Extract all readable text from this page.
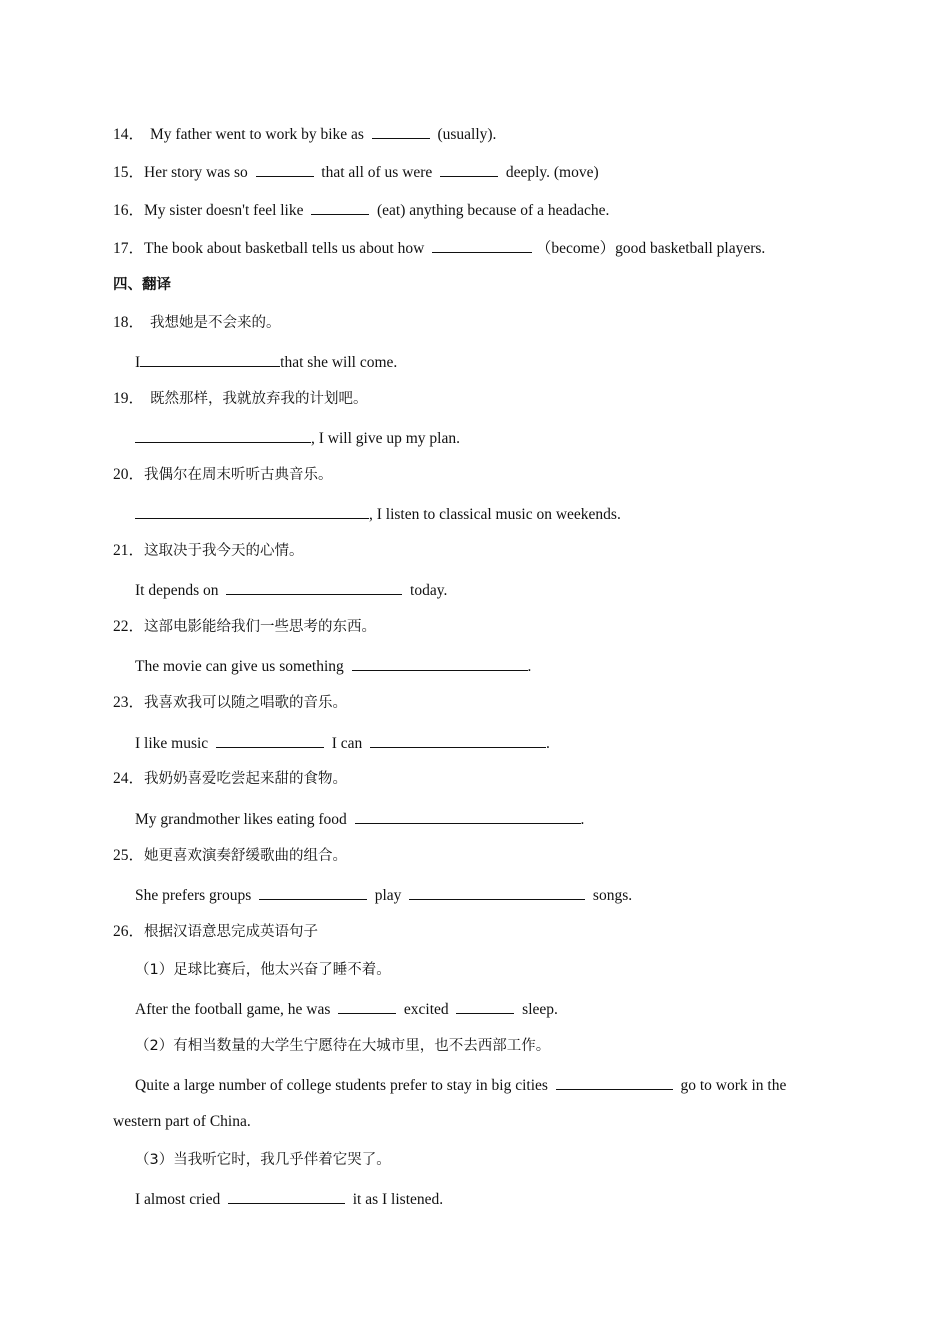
14． My father went to work by bike as	(usually).
15．Her story was so	that all of us were	deeply. (move)
16．My sister doesn't feel like	(eat) anything because of a headache.
17．The book about basketball tells us about how	（become）good basketball players.
四、翻译
18． 我想她是不会来的。
I	that she will come.
19． 既然那样，我就放弃我的计划吧。
, I will give up my plan.
20．我偶尔在周末听听古典音乐。
, I listen to classical music on weekends.
21．这取决于我今天的心情。
It depends on	today.
22．这部电影能给我们一些思考的东西。
The movie can give us something	.
23．我喜欢我可以随之唱歌的音乐。
I like music	I can	.
24．我奶奶喜爱吃尝起来甜的食物。
My grandmother likes eating food	.
25．她更喜欢演奏舒缓歌曲的组合。
She prefers groups	play	songs.
26．根据汉语意思完成英语句子
（1）足球比赛后，他太兴奋了睡不着。
After the football game, he was	excited	sleep.
（2）有相当数量的大学生宁愿待在大城市里，也不去西部工作。
Quite a large number of college students prefer to stay in big cities	go to work in the
western part of China.
（3）当我听它时，我几乎伴着它哭了。
I almost cried	it as I listened.
